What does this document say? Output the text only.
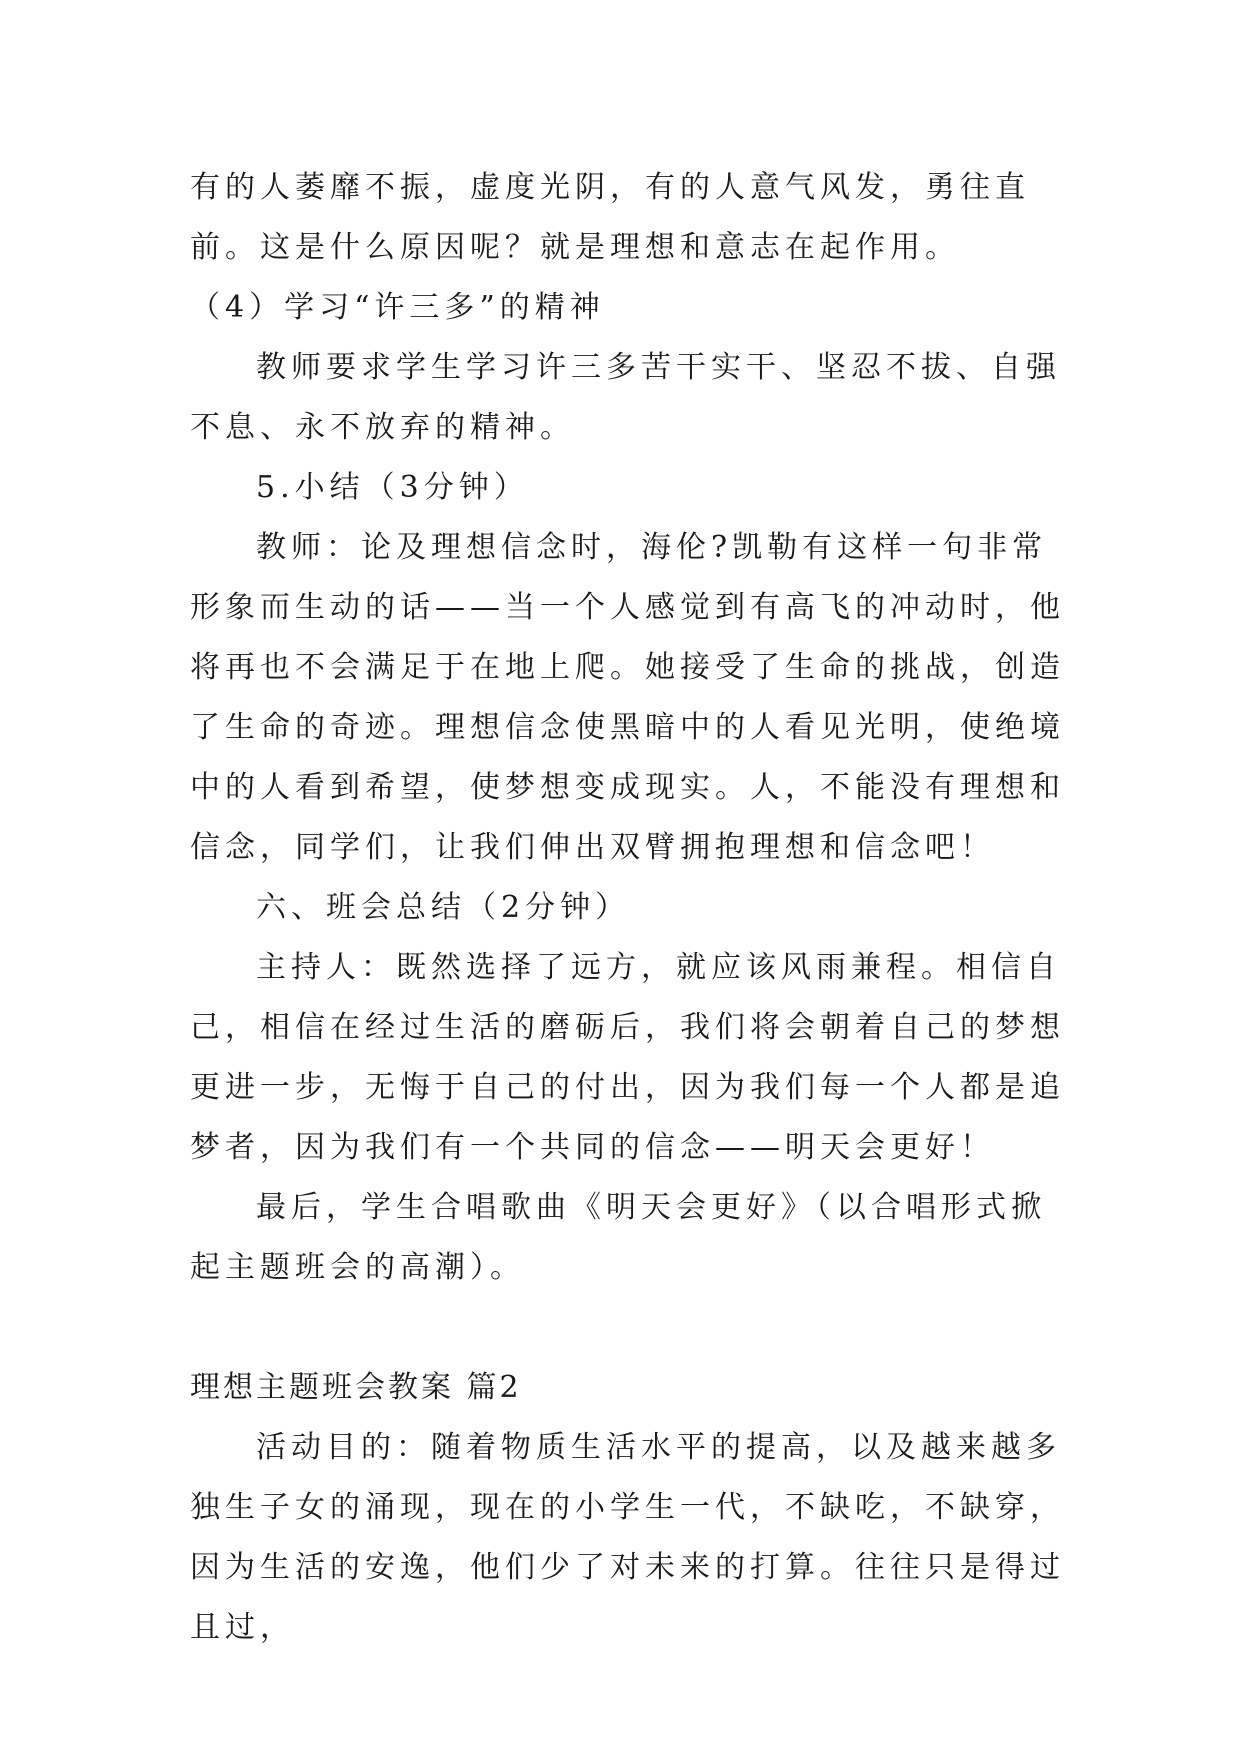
有的人萎靡不振，虚度光阴，有的人意气风发，勇往直前。这是什么原因呢？就是理想和意志在起作用。

（4）学习“许三多”的精神

教师要求学生学习许三多苦干实干、坚忍不拔、自强不息、永不放弃的精神。

5.小结（3分钟）

教师：论及理想信念时，海伦?凯勒有这样一句非常形象而生动的话——当一个人感觉到有高飞的冲动时，他将再也不会满足于在地上爬。她接受了生命的挑战，创造了生命的奇迹。理想信念使黑暗中的人看见光明，使绝境中的人看到希望，使梦想变成现实。人，不能没有理想和信念，同学们，让我们伸出双臂拥抱理想和信念吧！

六、班会总结（2分钟）

主持人：既然选择了远方，就应该风雨兼程。相信自己，相信在经过生活的磨砺后，我们将会朝着自己的梦想更进一步，无悔于自己的付出，因为我们每一个人都是追梦者，因为我们有一个共同的信念——明天会更好！

最后，学生合唱歌曲《明天会更好》（以合唱形式掀起主题班会的高潮）。

理想主题班会教案 篇2

活动目的：随着物质生活水平的提高，以及越来越多独生子女的涌现，现在的小学生一代，不缺吃，不缺穿，因为生活的安逸，他们少了对未来的打算。往往只是得过且过，
